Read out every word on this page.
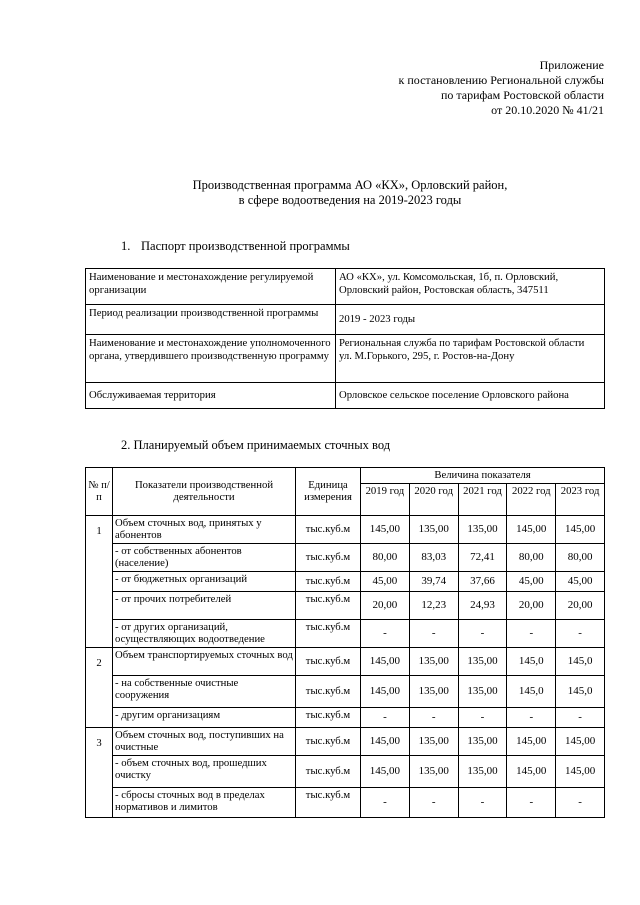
Приложение
к постановлению Региональной службы
по тарифам Ростовской области
от 20.10.2020 № 41/21
Производственная программа АО «КХ», Орловский район,
в сфере водоотведения на 2019-2023 годы
1. Паспорт производственной программы
Наименование и местонахождение регулируемой организации	АО «КХ», ул. Комсомольская, 1б, п. Орловский, Орловский район, Ростовская область, 347511
Период реализации производственной программы	2019 - 2023 годы
Наименование и местонахождение уполномоченного органа, утвердившего производственную программу	Региональная служба по тарифам Ростовской области
ул. М.Горького, 295, г. Ростов-на-Дону

Обслуживаемая территория	Орловское сельское поселение Орловского района
2. Планируемый объем принимаемых сточных вод
№ п/п	Показатели производственной деятельности	Единица измерения	Величина показателя				
			2019 год	2020 год	2021 год	2022 год	2023 год
1	Объем сточных вод, принятых у абонентов	тыс.куб.м	145,00	135,00	135,00	145,00	145,00
	- от собственных абонентов (население)	тыс.куб.м	80,00	83,03	72,41	80,00	80,00
	- от бюджетных организаций	тыс.куб.м	45,00	39,74	37,66	45,00	45,00
	- от прочих потребителей	тыс.куб.м	20,00	12,23	24,93	20,00	20,00
	- от других организаций, осуществляющих водоотведение	тыс.куб.м	-	-	-	-	-
2	Объем транспортируемых сточных вод	тыс.куб.м	145,00	135,00	135,00	145,0	145,0
	- на собственные очистные сооружения	тыс.куб.м	145,00	135,00	135,00	145,0	145,0
	- другим организациям	тыс.куб.м	-	-	-	-	-
3	Объем сточных вод, поступивших на очистные	тыс.куб.м	145,00	135,00	135,00	145,00	145,00
	- объем сточных вод, прошедших очистку	тыс.куб.м	145,00	135,00	135,00	145,00	145,00
	- сбросы сточных вод в пределах нормативов и лимитов	тыс.куб.м	-	-	-	-	-
